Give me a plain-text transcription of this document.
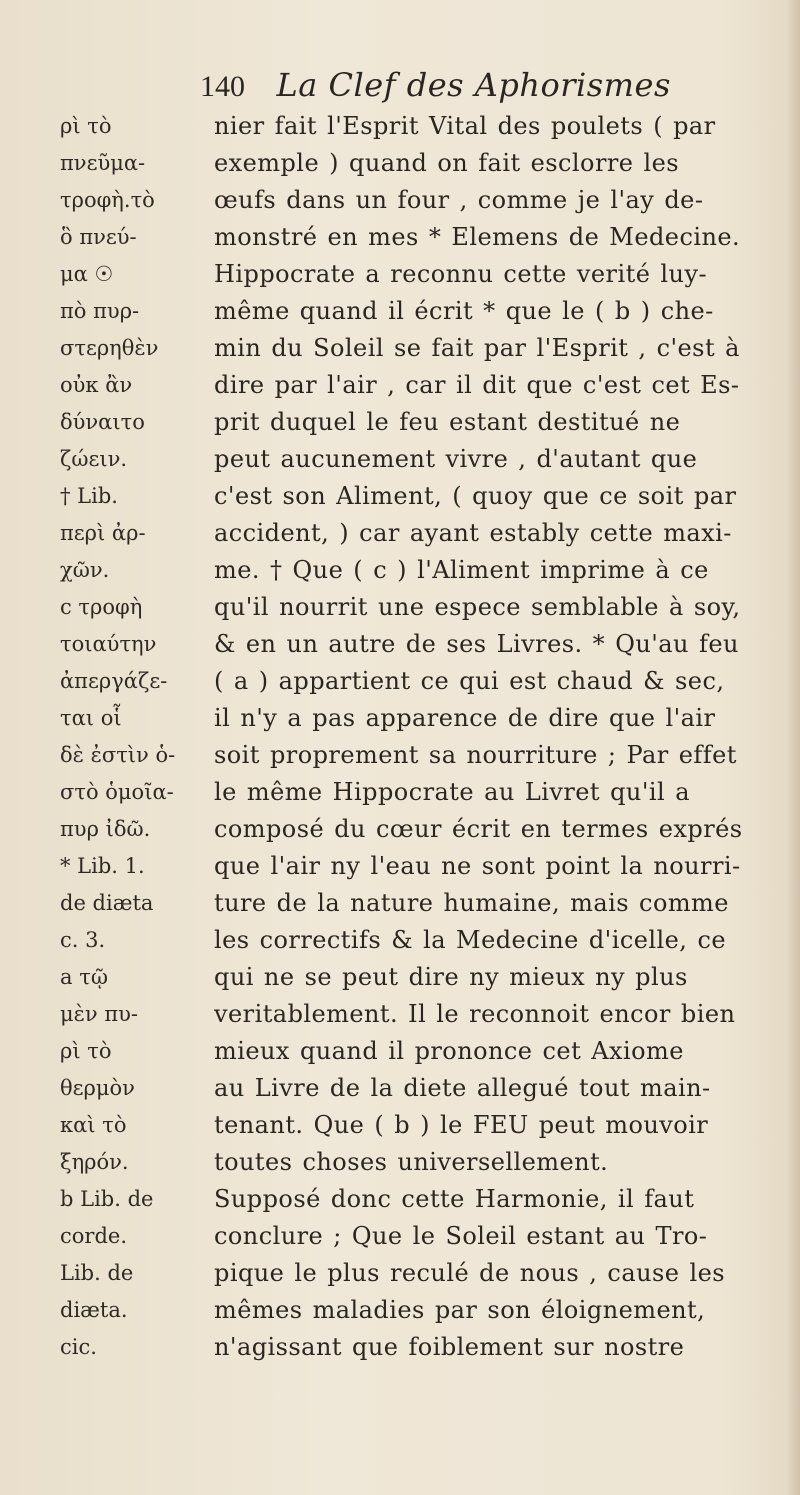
140 La Clef des Aphorismes
ρὶ τὸ	nier fait l'Esprit Vital des poulets ( par
πνεῦμα-	exemple ) quand on fait esclorre les
τροφὴ.τὸ	œufs dans un four , comme je l'ay de-
ὃ πνεύ-	monstré en mes * Elemens de Medecine.
μα ☉	Hippocrate a reconnu cette verité luy-
πὸ πυρ-	même quand il écrit * que le ( b ) che-
στερηθὲν	min du Soleil se fait par l'Esprit , c'est à
οὐκ ἂν	dire par l'air , car il dit que c'est cet Es-
δύναιτο	prit duquel le feu estant destitué ne
ζώειν.	peut aucunement vivre , d'autant que
† Lib.	c'est son Aliment, ( quoy que ce soit par
περὶ ἀρ-	accident, ) car ayant estably cette maxi-
χῶν.	me. † Que ( c ) l'Aliment imprime à ce
c τροφὴ	qu'il nourrit une espece semblable à soy,
τοιαύτην	& en un autre de ses Livres. * Qu'au feu
ἀπεργάζε-	( a ) appartient ce qui est chaud & sec,
ται οἷ	il n'y a pas apparence de dire que l'air
δὲ ἐστὶν ὁ-	soit proprement sa nourriture ; Par effet
στὸ ὁμοῖα-	le même Hippocrate au Livret qu'il a
πυρ ἰδῶ.	composé du cœur écrit en termes exprés
* Lib. 1.	que l'air ny l'eau ne sont point la nourri-
de diæta	ture de la nature humaine, mais comme
c. 3.	les correctifs & la Medecine d'icelle, ce
a τῷ	qui ne se peut dire ny mieux ny plus
μὲν πυ-	veritablement. Il le reconnoit encor bien
ρὶ τὸ	mieux quand il prononce cet Axiome
θερμὸν	au Livre de la diete allegué tout main-
καὶ τὸ	tenant. Que ( b ) le FEU peut mouvoir
ξηρόν.	toutes choses universellement.
b Lib. de	Supposé donc cette Harmonie, il faut
corde.	conclure ; Que le Soleil estant au Tro-
Lib. de	pique le plus reculé de nous , cause les
diæta.	mêmes maladies par son éloignement,
cic.	n'agissant que foiblement sur nostre
